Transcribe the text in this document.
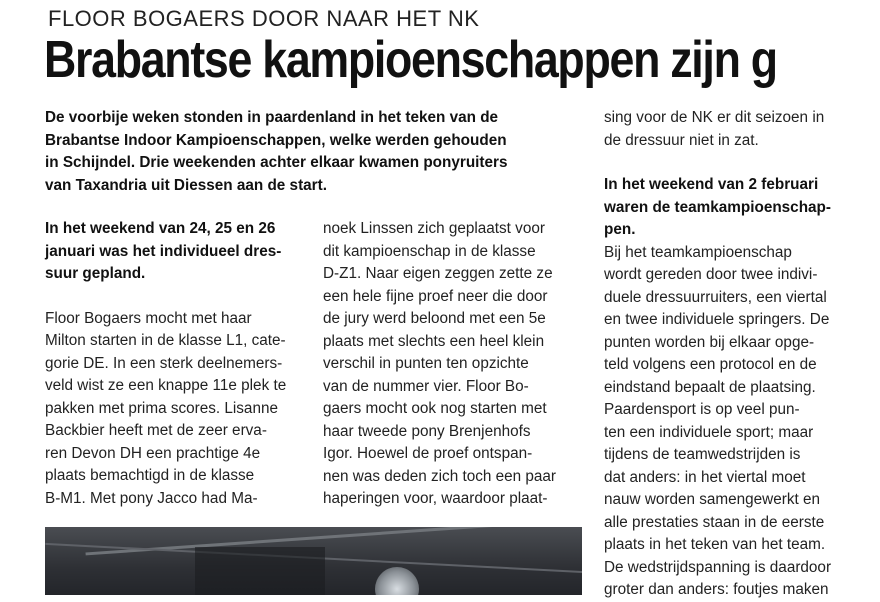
FLOOR BOGAERS DOOR NAAR HET NK
Brabantse kampioenschappen zijn g

De voorbije weken stonden in paardenland in het teken van de

Brabantse Indoor Kampioenschappen, welke werden gehouden

in Schijndel. Drie weekenden achter elkaar kwamen ponyruiters

van Taxandria uit Diessen aan de start.

In het weekend van 24, 25 en 26

januari was het individueel dres-

suur gepland.

Floor Bogaers mocht met haar

Milton starten in de klasse L1, cate-

gorie DE. In een sterk deelnemers-

veld wist ze een knappe 11e plek te

pakken met prima scores. Lisanne

Backbier heeft met de zeer erva-

ren Devon DH een prachtige 4e

plaats bemachtigd in de klasse

B-M1. Met pony Jacco had Ma-

noek Linssen zich geplaatst voor

dit kampioenschap in de klasse

D-Z1. Naar eigen zeggen zette ze

een hele fijne proef neer die door

de jury werd beloond met een 5e

plaats met slechts een heel klein

verschil in punten ten opzichte

van de nummer vier. Floor Bo-

gaers mocht ook nog starten met

haar tweede pony Brenjenhofs

Igor. Hoewel de proef ontspan-

nen was deden zich toch een paar

haperingen voor, waardoor plaat-

sing voor de NK er dit seizoen in

de dressuur niet in zat.

In het weekend van 2 februari

waren de teamkampioenschap-

pen.

Bij het teamkampioenschap

wordt gereden door twee indivi-

duele dressuurruiters, een viertal

en twee individuele springers. De

punten worden bij elkaar opge-

teld volgens een protocol en de

eindstand bepaalt de plaatsing.

Paardensport is op veel pun-

ten een individuele sport; maar

tijdens de teamwedstrijden is

dat anders: in het viertal moet

nauw worden samengewerkt en

alle prestaties staan in de eerste

plaats in het teken van het team.

De wedstrijdspanning is daardoor

groter dan anders: foutjes maken
